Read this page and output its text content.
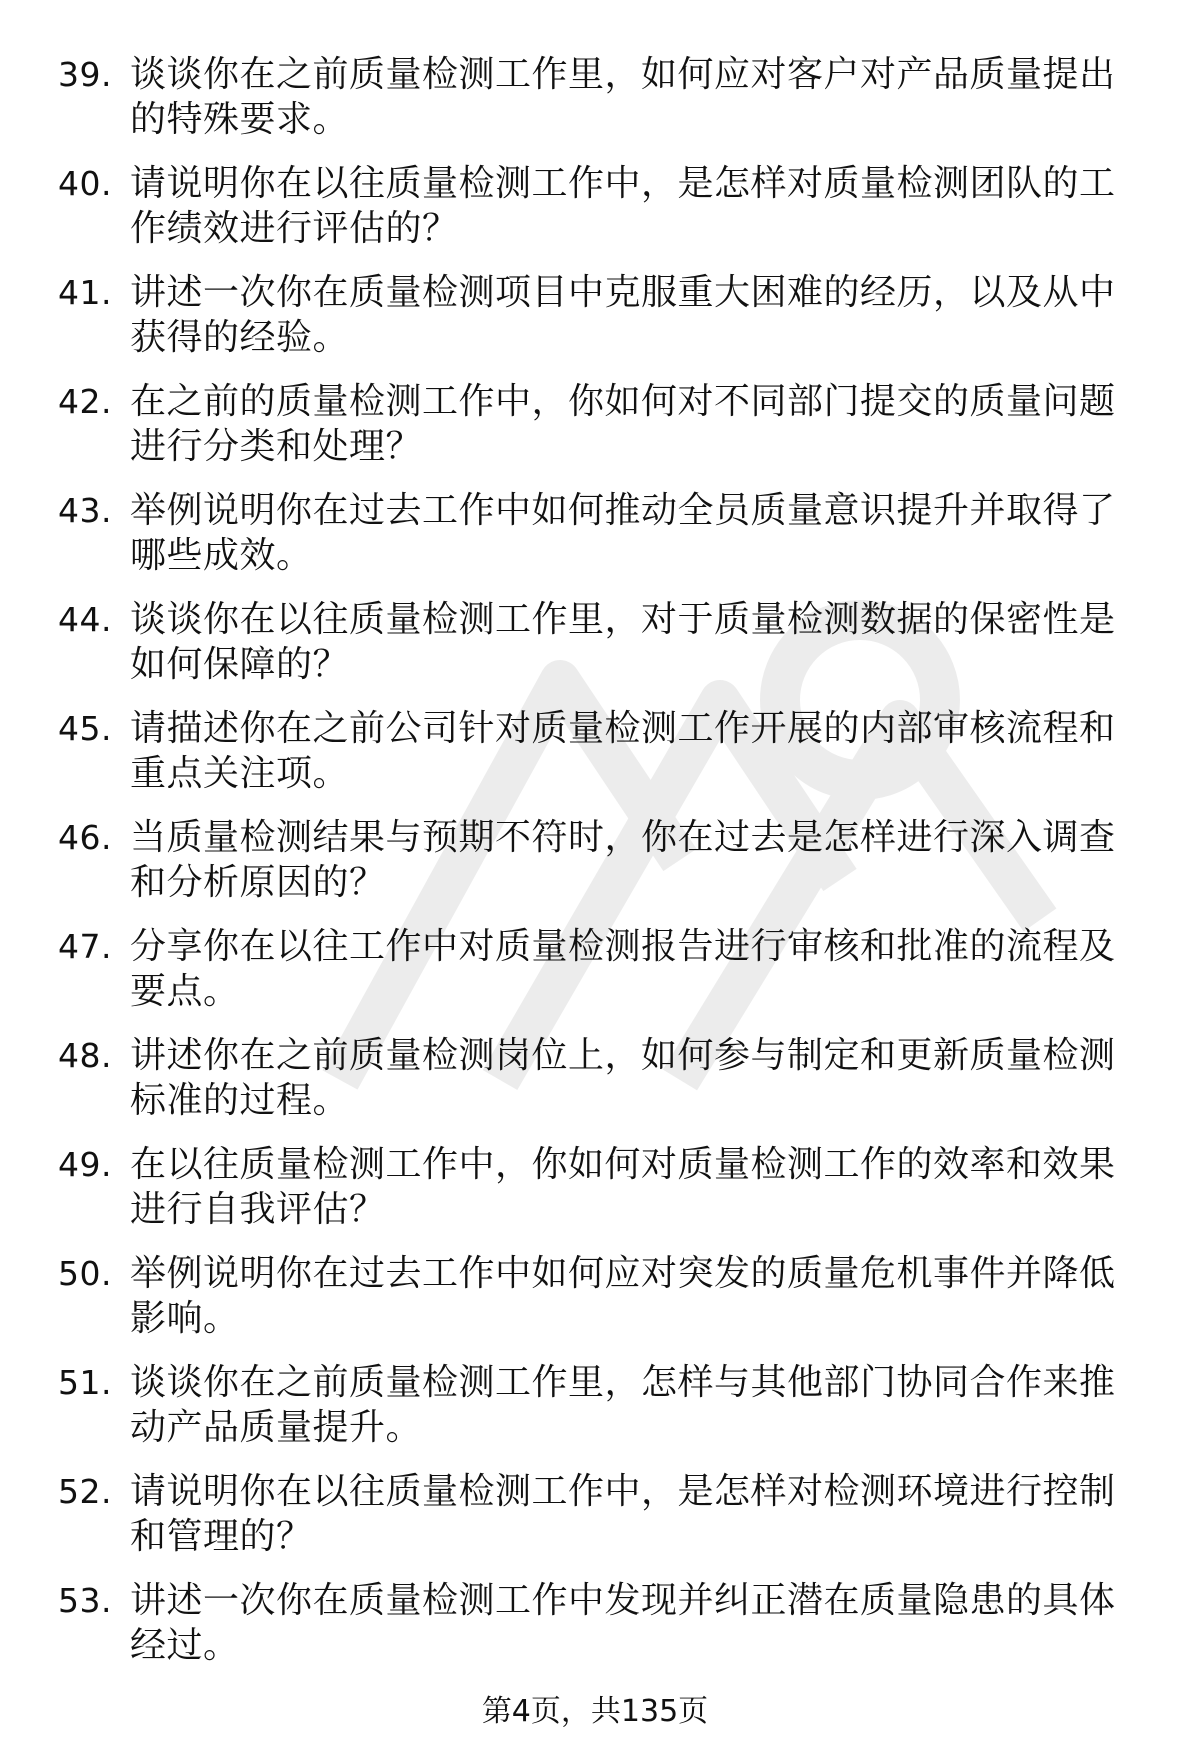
39. 谈谈你在之前质量检测工作里，如何应对客户对产品质量提出的特殊要求。
40. 请说明你在以往质量检测工作中，是怎样对质量检测团队的工作绩效进行评估的？
41. 讲述一次你在质量检测项目中克服重大困难的经历，以及从中获得的经验。
42. 在之前的质量检测工作中，你如何对不同部门提交的质量问题进行分类和处理？
43. 举例说明你在过去工作中如何推动全员质量意识提升并取得了哪些成效。
44. 谈谈你在以往质量检测工作里，对于质量检测数据的保密性是如何保障的？
45. 请描述你在之前公司针对质量检测工作开展的内部审核流程和重点关注项。
46. 当质量检测结果与预期不符时，你在过去是怎样进行深入调查和分析原因的？
47. 分享你在以往工作中对质量检测报告进行审核和批准的流程及要点。
48. 讲述你在之前质量检测岗位上，如何参与制定和更新质量检测标准的过程。
49. 在以往质量检测工作中，你如何对质量检测工作的效率和效果进行自我评估？
50. 举例说明你在过去工作中如何应对突发的质量危机事件并降低影响。
51. 谈谈你在之前质量检测工作里，怎样与其他部门协同合作来推动产品质量提升。
52. 请说明你在以往质量检测工作中，是怎样对检测环境进行控制和管理的？
53. 讲述一次你在质量检测工作中发现并纠正潜在质量隐患的具体经过。
第4页，共135页
